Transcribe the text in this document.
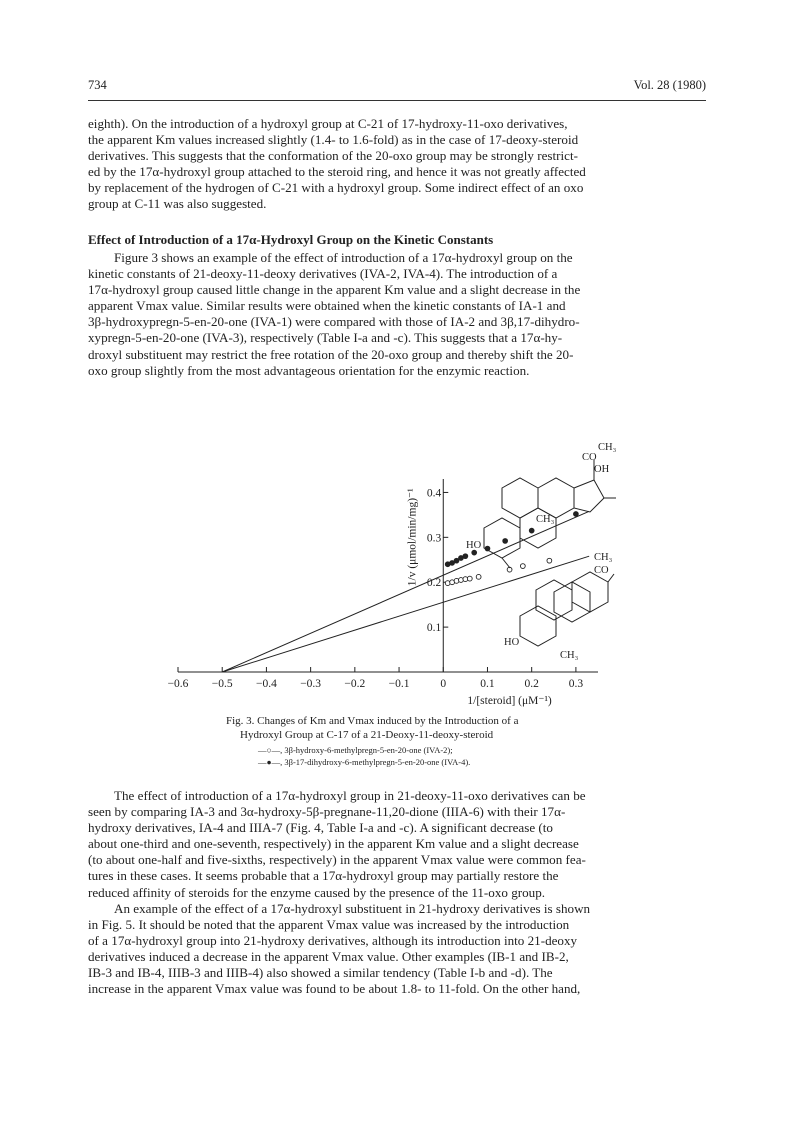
734	Vol. 28 (1980)

eighth). On the introduction of a hydroxyl group at C-21 of 17-hydroxy-11-oxo derivatives,

the apparent Km values increased slightly (1.4- to 1.6-fold) as in the case of 17-deoxy-steroid

derivatives. This suggests that the conformation of the 20-oxo group may be strongly restrict-

ed by the 17α-hydroxyl group attached to the steroid ring, and hence it was not greatly affected

by replacement of the hydrogen of C-21 with a hydroxyl group. Some indirect effect of an oxo

group at C-11 was also suggested.

Effect of Introduction of a 17α-Hydroxyl Group on the Kinetic Constants

Figure 3 shows an example of the effect of introduction of a 17α-hydroxyl group on the

kinetic constants of 21-deoxy-11-deoxy derivatives (IVA-2, IVA-4). The introduction of a

17α-hydroxyl group caused little change in the apparent Km value and a slight decrease in the

apparent Vmax value. Similar results were obtained when the kinetic constants of IA-1 and

3β-hydroxypregn-5-en-20-one (IVA-1) were compared with those of IA-2 and 3β,17-dihydro-

xypregn-5-en-20-one (IVA-3), respectively (Table I-a and -c). This suggests that a 17α-hy-

droxyl substituent may restrict the free rotation of the 20-oxo group and thereby shift the 20-

oxo group slightly from the most advantageous orientation for the enzymic reaction.

−0.6 −0.5 −0.4 −0.3 −0.2 −0.1	0	0.1	0.2	0.3
0.1
0.2
0.3
0.4
1/[steroid] (μM⁻¹)
1/v (μmol/min/mg)⁻¹
CH₃
CO
OH
HO
CH₃
CH₃
CO
HO
CH₃
Fig. 3. Changes of Km and Vmax induced by the Introduction of a
Hydroxyl Group at C-17 of a 21-Deoxy-11-deoxy-steroid
—○—, 3β-hydroxy-6-methylpregn-5-en-20-one (IVA-2);
—●—, 3β-17-dihydroxy-6-methylpregn-5-en-20-one (IVA-4).

The effect of introduction of a 17α-hydroxyl group in 21-deoxy-11-oxo derivatives can be

seen by comparing IA-3 and 3α-hydroxy-5β-pregnane-11,20-dione (IIIA-6) with their 17α-

hydroxy derivatives, IA-4 and IIIA-7 (Fig. 4, Table I-a and -c). A significant decrease (to

about one-third and one-seventh, respectively) in the apparent Km value and a slight decrease

(to about one-half and five-sixths, respectively) in the apparent Vmax value were common fea-

tures in these cases. It seems probable that a 17α-hydroxyl group may partially restore the

reduced affinity of steroids for the enzyme caused by the presence of the 11-oxo group.

An example of the effect of a 17α-hydroxyl substituent in 21-hydroxy derivatives is shown

in Fig. 5. It should be noted that the apparent Vmax value was increased by the introduction

of a 17α-hydroxyl group into 21-hydroxy derivatives, although its introduction into 21-deoxy

derivatives induced a decrease in the apparent Vmax value. Other examples (IB-1 and IB-2,

IB-3 and IB-4, IIIB-3 and IIIB-4) also showed a similar tendency (Table I-b and -d). The

increase in the apparent Vmax value was found to be about 1.8- to 11-fold. On the other hand,
